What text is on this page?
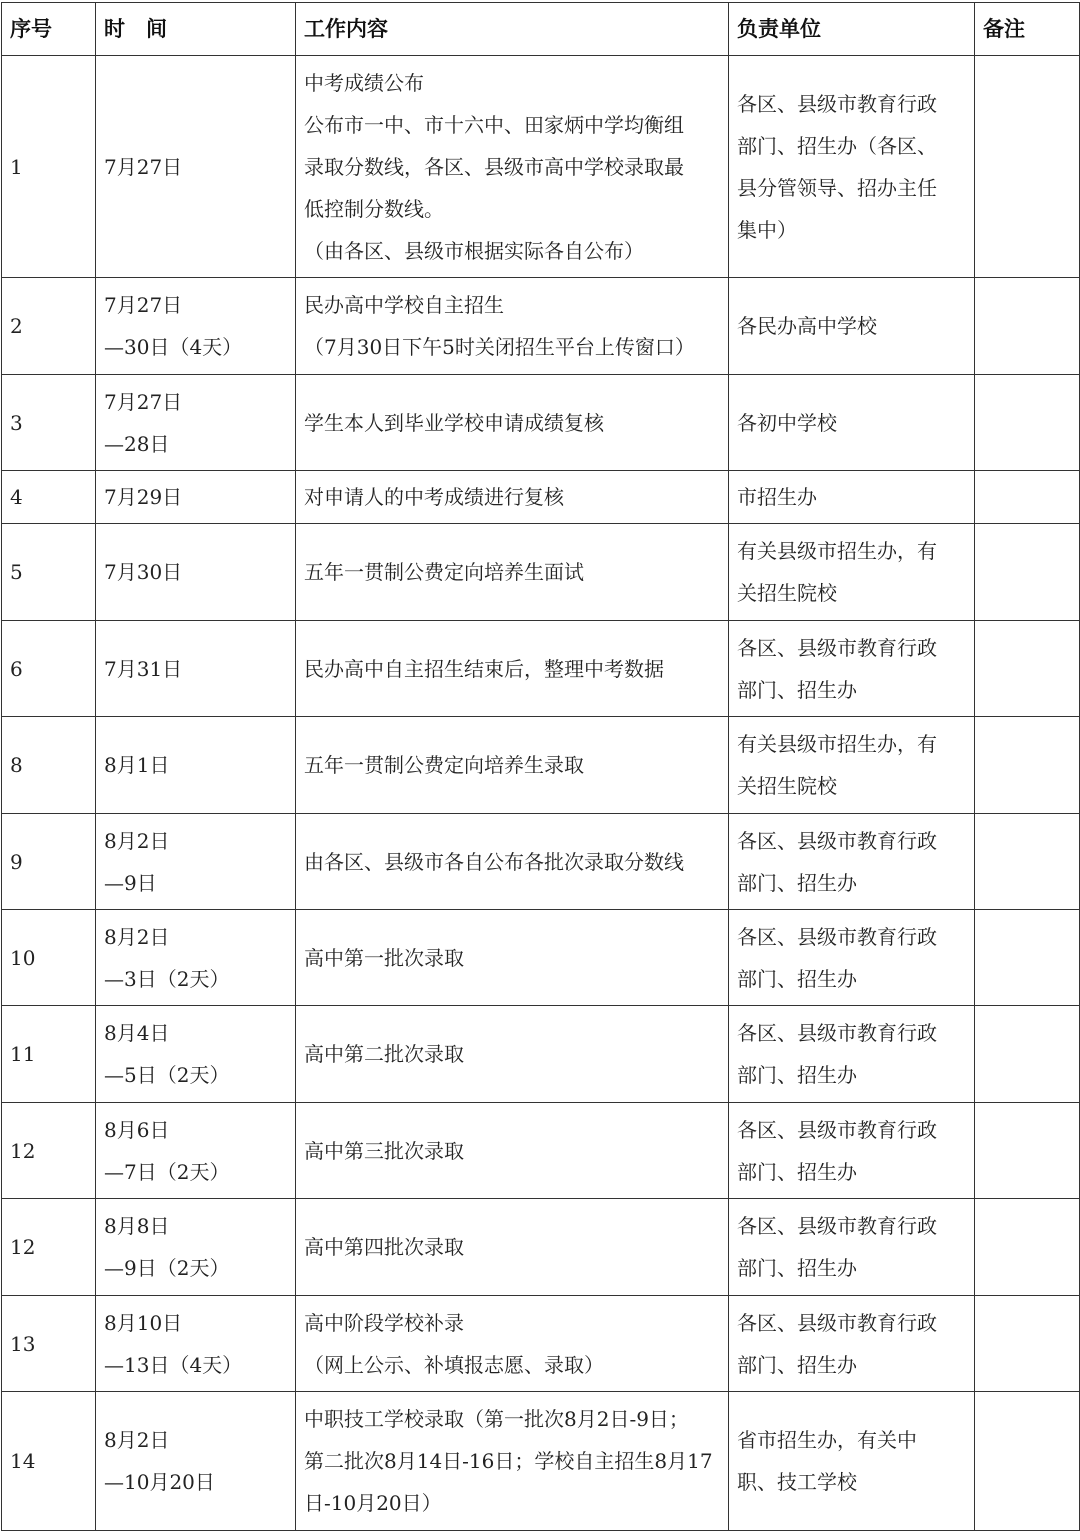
序号	时　间	工作内容	负责单位	备注
1	7月27日	中考成绩公布
公布市一中、市十六中、田家炳中学均衡组
录取分数线，各区、县级市高中学校录取最
低控制分数线。
（由各区、县级市根据实际各自公布）	各区、县级市教育行政
部门、招生办（各区、
县分管领导、招办主任
集中）	

2	7月27日
—30日（4天）	民办高中学校自主招生
（7月30日下午5时关闭招生平台上传窗口）	各民办高中学校	

3	7月27日
—28日	学生本人到毕业学校申请成绩复核	各初中学校	

4	7月29日	对申请人的中考成绩进行复核	市招生办	

5	7月30日	五年一贯制公费定向培养生面试	有关县级市招生办，有
关招生院校	

6	7月31日	民办高中自主招生结束后，整理中考数据	各区、县级市教育行政
部门、招生办	

8	8月1日	五年一贯制公费定向培养生录取	有关县级市招生办，有
关招生院校	

9	8月2日
—9日	由各区、县级市各自公布各批次录取分数线	各区、县级市教育行政
部门、招生办	

10	8月2日
—3日（2天）	高中第一批次录取	各区、县级市教育行政
部门、招生办	

11	8月4日
—5日（2天）	高中第二批次录取	各区、县级市教育行政
部门、招生办	

12	8月6日
—7日（2天）	高中第三批次录取	各区、县级市教育行政
部门、招生办	

12	8月8日
—9日（2天）	高中第四批次录取	各区、县级市教育行政
部门、招生办	

13	8月10日
—13日（4天）	高中阶段学校补录
（网上公示、补填报志愿、录取）	各区、县级市教育行政
部门、招生办	

14	8月2日
—10月20日	中职技工学校录取（第一批次8月2日-9日；
第二批次8月14日-16日；学校自主招生8月17
日-10月20日）	省市招生办，有关中
职、技工学校	
